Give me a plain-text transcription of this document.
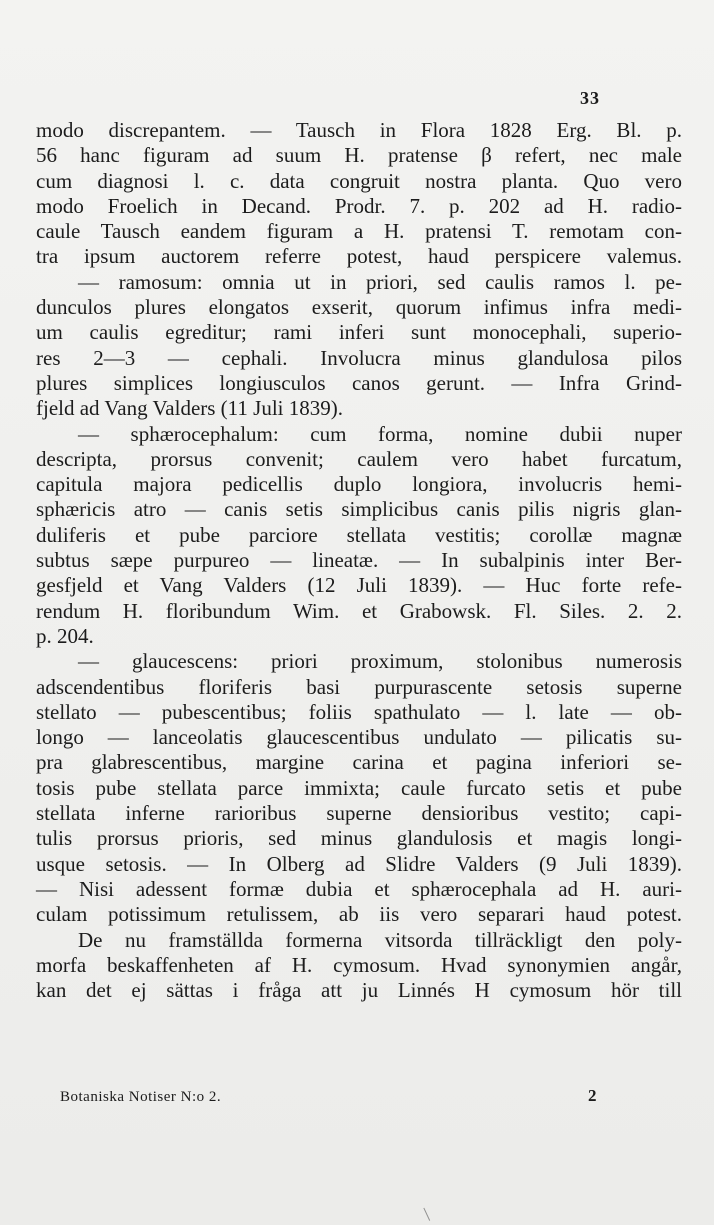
33
modo discrepantem. — Tausch in Flora 1828 Erg. Bl. p.
56 hanc figuram ad suum H. pratense β refert, nec male
cum diagnosi l. c. data congruit nostra planta. Quo vero
modo Froelich in Decand. Prodr. 7. p. 202 ad H. radio-
caule Tausch eandem figuram a H. pratensi T. remotam con-
tra ipsum auctorem referre potest, haud perspicere valemus.
— ramosum: omnia ut in priori, sed caulis ramos l. pe-
dunculos plures elongatos exserit, quorum infimus infra medi-
um caulis egreditur; rami inferi sunt monocephali, superio-
res 2—3 — cephali. Involucra minus glandulosa pilos
plures simplices longiusculos canos gerunt. — Infra Grind-
fjeld ad Vang Valders (11 Juli 1839).
— sphærocephalum: cum forma, nomine dubii nuper
descripta, prorsus convenit; caulem vero habet furcatum,
capitula majora pedicellis duplo longiora, involucris hemi-
sphæricis atro — canis setis simplicibus canis pilis nigris glan-
duliferis et pube parciore stellata vestitis; corollæ magnæ
subtus sæpe purpureo — lineatæ. — In subalpinis inter Ber-
gesfjeld et Vang Valders (12 Juli 1839). — Huc forte refe-
rendum H. floribundum Wim. et Grabowsk. Fl. Siles. 2. 2.
p. 204.
— glaucescens: priori proximum, stolonibus numerosis
adscendentibus floriferis basi purpurascente setosis superne
stellato — pubescentibus; foliis spathulato — l. late — ob-
longo — lanceolatis glaucescentibus undulato — pilicatis su-
pra glabrescentibus, margine carina et pagina inferiori se-
tosis pube stellata parce immixta; caule furcato setis et pube
stellata inferne rarioribus superne densioribus vestito; capi-
tulis prorsus prioris, sed minus glandulosis et magis longi-
usque setosis. — In Olberg ad Slidre Valders (9 Juli 1839).
— Nisi adessent formæ dubia et sphærocephala ad H. auri-
culam potissimum retulissem, ab iis vero separari haud potest.
De nu framställda formerna vitsorda tillräckligt den poly-
morfa beskaffenheten af H. cymosum. Hvad synonymien angår,
kan det ej sättas i fråga att ju Linnés H cymosum hör till
Botaniska Notiser N:o 2.	2
